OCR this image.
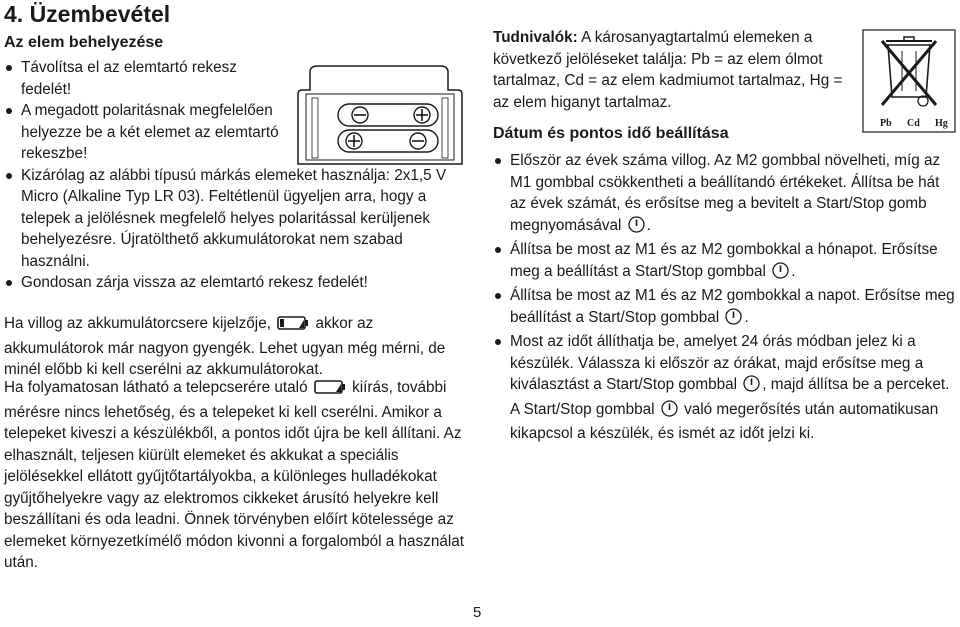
4. Üzembevétel
Az elem behelyezése
Távolítsa el az elemtartó rekesz fedelét!
A megadott polaritásnak megfelelően helyezze be a két elemet az elemtartó rekeszbe!
Kizárólag az alábbi típusú márkás elemeket használja: 2x1,5 V Micro (Alkaline Typ LR 03). Feltétlenül ügyeljen arra, hogy a telepek a jelölésnek megfelelő helyes polaritással kerüljenek behelyezésre. Újratölthető akkumulátorokat nem szabad használni.
Gondosan zárja vissza az elemtartó rekesz fedelét!

Ha villog az akkumulátorcsere kijelzője,	akkor az akkumulátorok már nagyon gyengék. Lehet ugyan még mérni, de minél előbb ki kell cserélni az akkumulátorokat.

Ha folyamatosan látható a telepcserére utaló	kiírás, további mérésre nincs lehetőség, és a telepeket ki kell cserélni. Amikor a telepeket kiveszi a készülékből, a pontos időt újra be kell állítani. Az elhasznált, teljesen kiürült elemeket és akkukat a speciális jelölésekkel ellátott gyűjtőtartályokba, a különleges hulladékokat gyűjtőhelyekre vagy az elektromos cikkeket árusító helyekre kell beszállítani és oda leadni. Önnek törvényben előírt kötelessége az elemeket környezetkímélő módon kivonni a forgalomból a használat után.

Tudnivalók: A károsanyagtartalmú elemeken a következő jelöléseket találja: Pb = az elem ólmot tartalmaz, Cd = az elem kadmiumot tartalmaz, Hg = az elem higanyt tartalmaz.

Dátum és pontos idő beállítása
Először az évek száma villog. Az M2 gombbal növelheti, míg az M1 gombbal csökkentheti a beállítandó értékeket. Állítsa be hát az évek számát, és erősítse meg a bevitelt a Start/Stop gomb megnyomásával .
Állítsa be most az M1 és az M2 gombokkal a hónapot. Erősítse meg a beállítást a Start/Stop gombbal .
Állítsa be most az M1 és az M2 gombokkal a napot. Erősítse meg beállítást a Start/Stop gombbal .
Most az időt állíthatja be, amelyet 24 órás módban jelez ki a készülék. Válassza ki először az órákat, majd erősítse meg a kiválasztást a Start/Stop gombbal , majd állítsa be a perceket. A Start/Stop gombbal való megerősítés után automatikusan kikapcsol a készülék, és ismét az időt jelzi ki.
Pb Cd Hg
5
